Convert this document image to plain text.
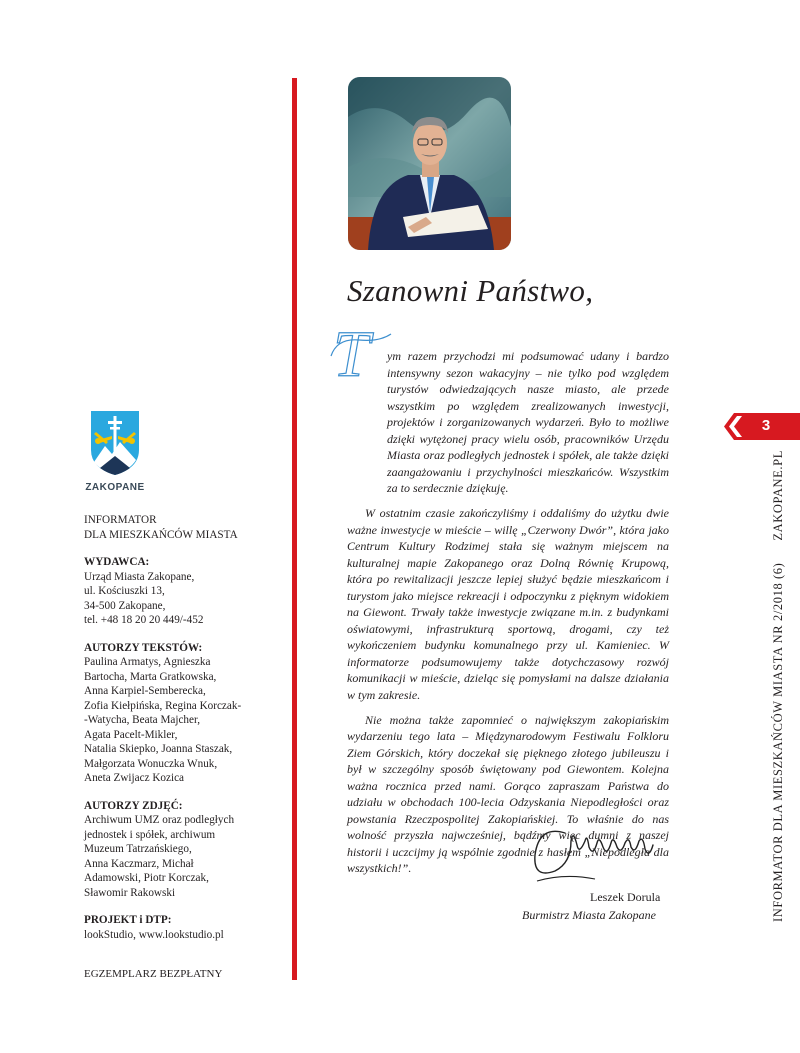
ZAKOPANE

INFORMATOR

DLA MIESZKAŃCÓW MIASTA

WYDAWCA:

Urząd Miasta Zakopane,

ul. Kościuszki 13,

34-500 Zakopane,

tel. +48 18 20 20 449/-452

AUTORZY TEKSTÓW:

Paulina Armatys, Agnieszka

Bartocha, Marta Gratkowska,

Anna Karpiel-Semberecka,

Zofia Kiełpińska, Regina Korczak-

-Watycha, Beata Majcher,

Agata Pacelt-Mikler,

Natalia Skiepko, Joanna Staszak,

Małgorzata Wonuczka Wnuk,

Aneta Zwijacz Kozica

AUTORZY ZDJĘĆ:

Archiwum UMZ oraz podległych

jednostek i spółek, archiwum

Muzeum Tatrzańskiego,

Anna Kaczmarz, Michał

Adamowski, Piotr Korczak,

Sławomir Rakowski

PROJEKT i DTP:

lookStudio, www.lookstudio.pl

EGZEMPLARZ BEZPŁATNY
Szanowni Państwo,
T	ym razem przychodzi mi podsumować udany i bardzo intensywny sezon wakacyjny – nie tylko pod względem turystów odwiedzających nasze miasto, ale przede wszystkim po względem zrealizowanych inwestycji, projektów i zorganizowanych wydarzeń. Było to możliwe dzięki wytężonej pracy wielu osób, pracowników Urzędu Miasta oraz podległych jednostek i spółek, ale także dzięki zaangażowaniu i przychylności mieszkańców. Wszystkim za to serdecznie dziękuję.

W ostatnim czasie zakończyliśmy i oddaliśmy do użytku dwie ważne inwestycje w mieście – willę „Czerwony Dwór”, która jako Centrum Kultury Rodzimej stała się ważnym miejscem na kulturalnej mapie Zakopanego oraz Dolną Równię Krupową, która po rewitalizacji jeszcze lepiej służyć będzie mieszkańcom i turystom jako miejsce rekreacji i odpoczynku z pięknym widokiem na Giewont. Trwały także inwestycje związane m.in. z budynkami oświatowymi, infrastrukturą sportową, drogami, czy też wykończeniem budynku komunalnego przy ul. Kamieniec. W informatorze podsumowujemy także dotychczasowy rozwój komunikacji w mieście, dzieląc się pomysłami na dalsze działania w tym zakresie.

Nie można także zapomnieć o największym zakopiańskim wydarzeniu tego lata – Międzynarodowym Festiwalu Folkloru Ziem Górskich, który doczekał się pięknego złotego jubileuszu i był w szczególny sposób świętowany pod Giewontem. Kolejna ważna rocznica przed nami. Gorąco zapraszam Państwa do udziału w obchodach 100-lecia Odzyskania Niepodległości oraz powstania Rzeczpospolitej Zakopiańskiej. To właśnie do nas wolność przyszła najwcześniej, bądźmy więc dumni z naszej historii i uczcijmy ją wspólnie zgodnie z hasłem „Niepodległa dla wszystkich!”.

Leszek Dorula
Burmistrz Miasta Zakopane	INFORMATOR DLA MIESZKAŃCÓW MIASTA NR 2/2018 (6)ZAKOPANE.PL
3
